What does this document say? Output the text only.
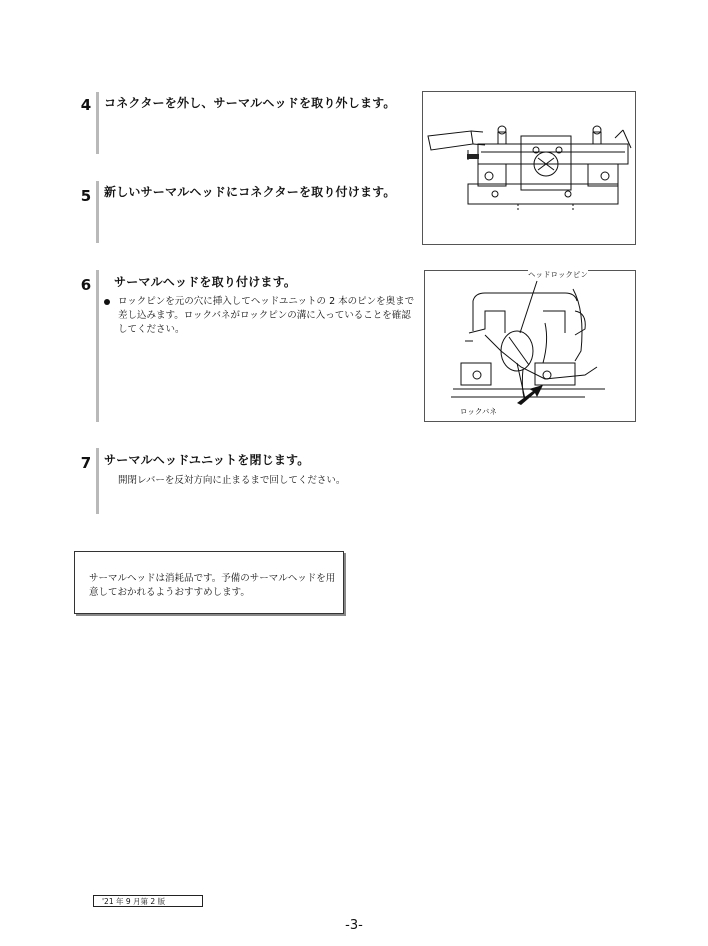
4 コネクターを外し、サーマルヘッドを取り外します。
5 新しいサーマルヘッドにコネクターを取り付けます。
6 サーマルヘッドを取り付けます。
ロックピンを元の穴に挿入してヘッドユニットの 2 本のピンを奥まで差し込みます。ロックバネがロックピンの溝に入っていることを確認してください。
ヘッドロックピン
ロックバネ
7 サーマルヘッドユニットを閉じます。
開閉レバーを反対方向に止まるまで回してください。
サーマルヘッドは消耗品です。予備のサーマルヘッドを用意しておかれるようおすすめします。
'21 年 9 月第 2 版
-3-
